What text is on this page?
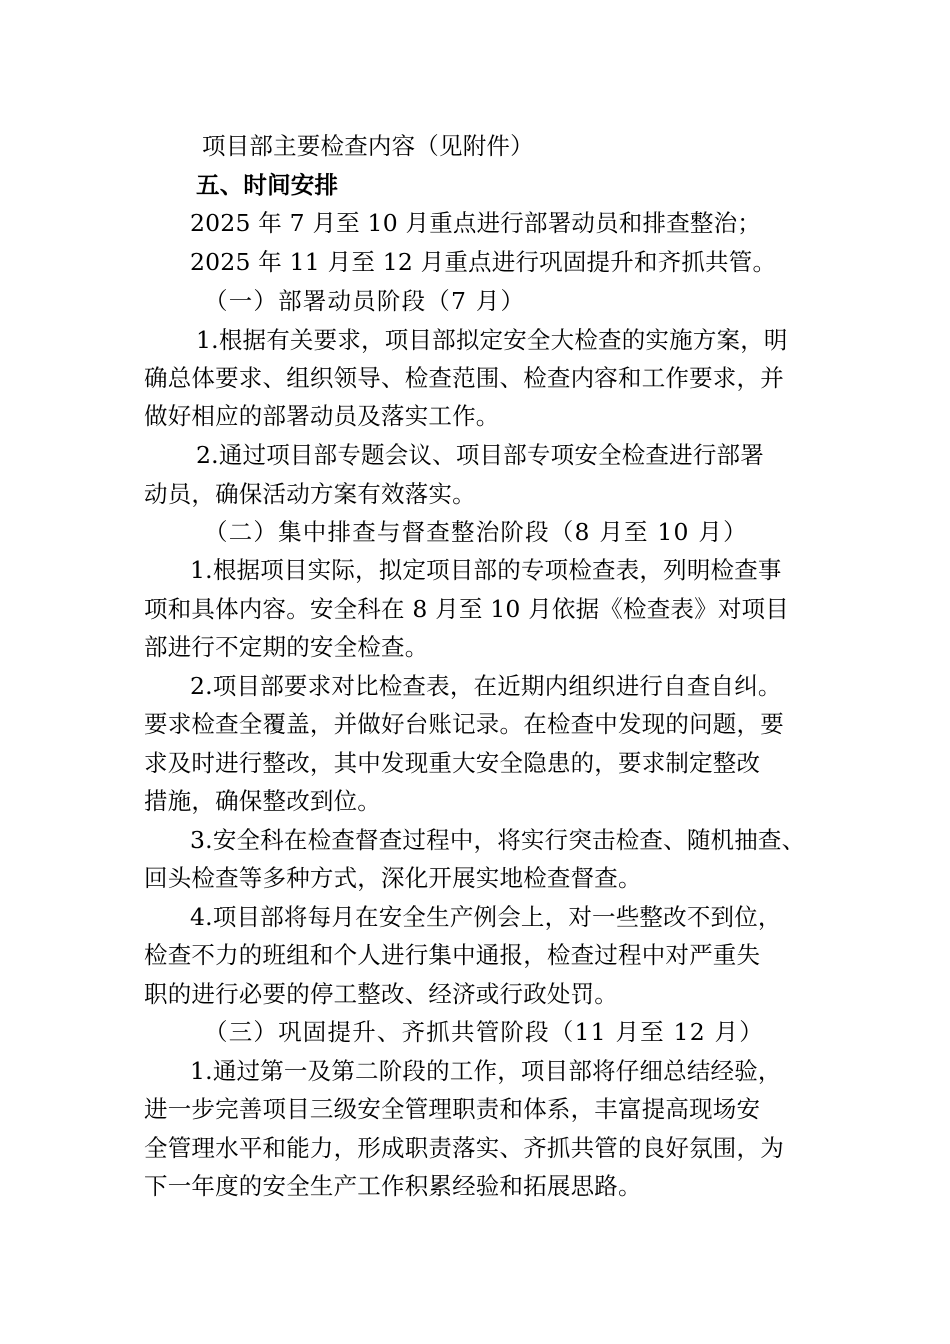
项目部主要检查内容（见附件）
五、时间安排
2025 年 7 月至 10 月重点进行部署动员和排查整治；
2025 年 11 月至 12 月重点进行巩固提升和齐抓共管。
（一）部署动员阶段（7 月）
1.根据有关要求，项目部拟定安全大检查的实施方案，明
确总体要求、组织领导、检查范围、检查内容和工作要求，并
做好相应的部署动员及落实工作。
2.通过项目部专题会议、项目部专项安全检查进行部署
动员，确保活动方案有效落实。
（二）集中排查与督查整治阶段（8 月至 10 月）
1.根据项目实际，拟定项目部的专项检查表，列明检查事
项和具体内容。安全科在 8 月至 10 月依据《检查表》对项目
部进行不定期的安全检查。
2.项目部要求对比检查表，在近期内组织进行自查自纠。
要求检查全覆盖，并做好台账记录。在检查中发现的问题，要
求及时进行整改，其中发现重大安全隐患的，要求制定整改
措施，确保整改到位。
3.安全科在检查督查过程中，将实行突击检查、随机抽查、
回头检查等多种方式，深化开展实地检查督查。
4.项目部将每月在安全生产例会上，对一些整改不到位，
检查不力的班组和个人进行集中通报，检查过程中对严重失
职的进行必要的停工整改、经济或行政处罚。
（三）巩固提升、齐抓共管阶段（11 月至 12 月）
1.通过第一及第二阶段的工作，项目部将仔细总结经验，
进一步完善项目三级安全管理职责和体系，丰富提高现场安
全管理水平和能力，形成职责落实、齐抓共管的良好氛围，为
下一年度的安全生产工作积累经验和拓展思路。
